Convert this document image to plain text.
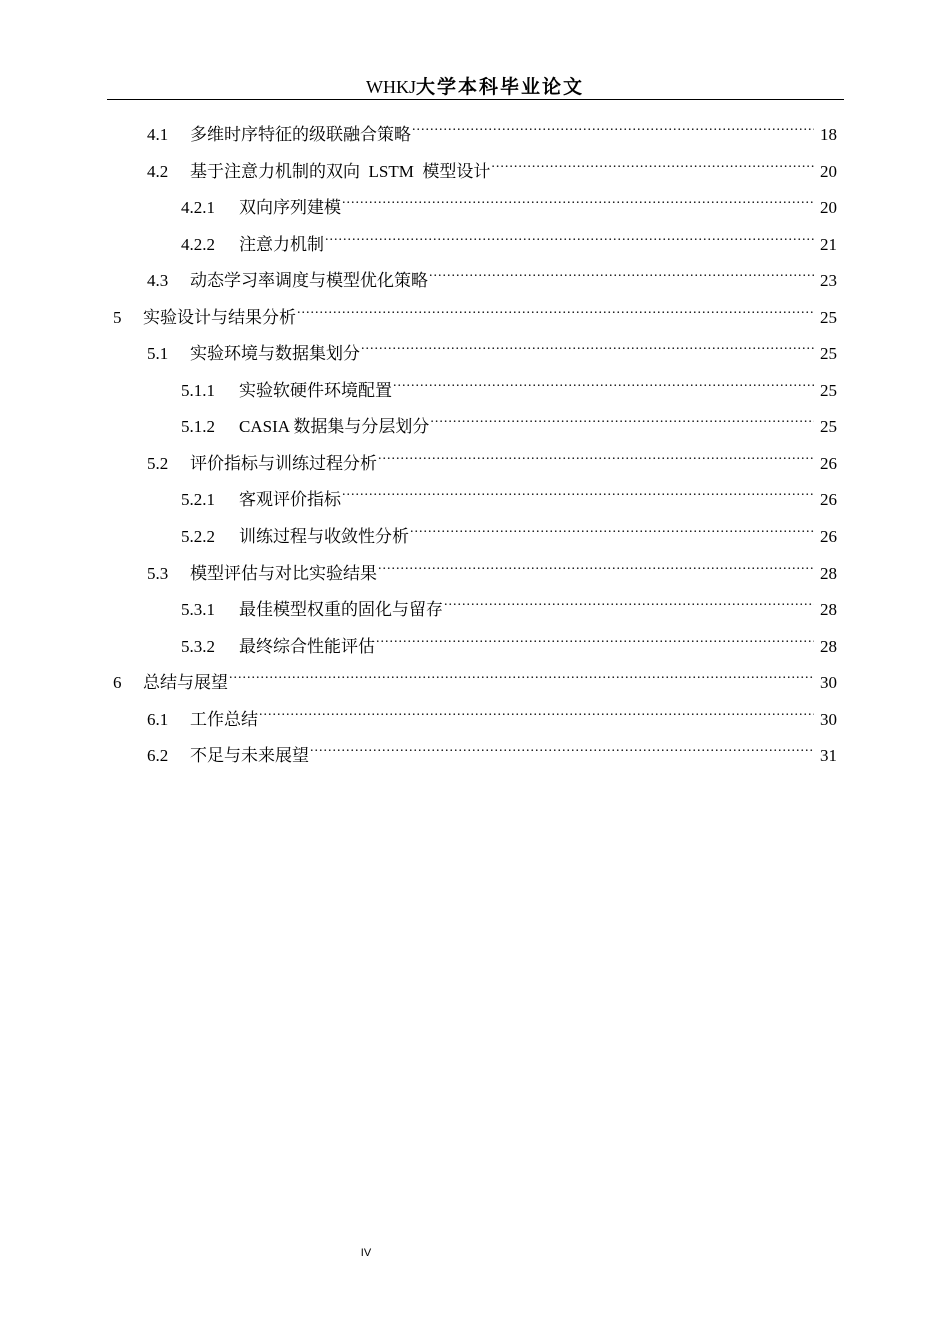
WHKJ大学本科毕业论文
4.1	多维时序特征的级联融合策略 .....	18
4.2	基于注意力机制的双向  LSTM  模型设计 .....	20
4.2.1	双向序列建模 .....	20
4.2.2	注意力机制 .....	21
4.3	动态学习率调度与模型优化策略 .....	23
5	实验设计与结果分析 .....	25
5.1	实验环境与数据集划分 .....	25
5.1.1	实验软硬件环境配置 .....	25
5.1.2	CASIA 数据集与分层划分 .....	25
5.2	评价指标与训练过程分析 .....	26
5.2.1	客观评价指标 .....	26
5.2.2	训练过程与收敛性分析 .....	26
5.3	模型评估与对比实验结果 .....	28
5.3.1	最佳模型权重的固化与留存 .....	28
5.3.2	最终综合性能评估 .....	28
6	总结与展望 .....	30
6.1	工作总结 .....	30
6.2	不足与未来展望 .....	31
IV
